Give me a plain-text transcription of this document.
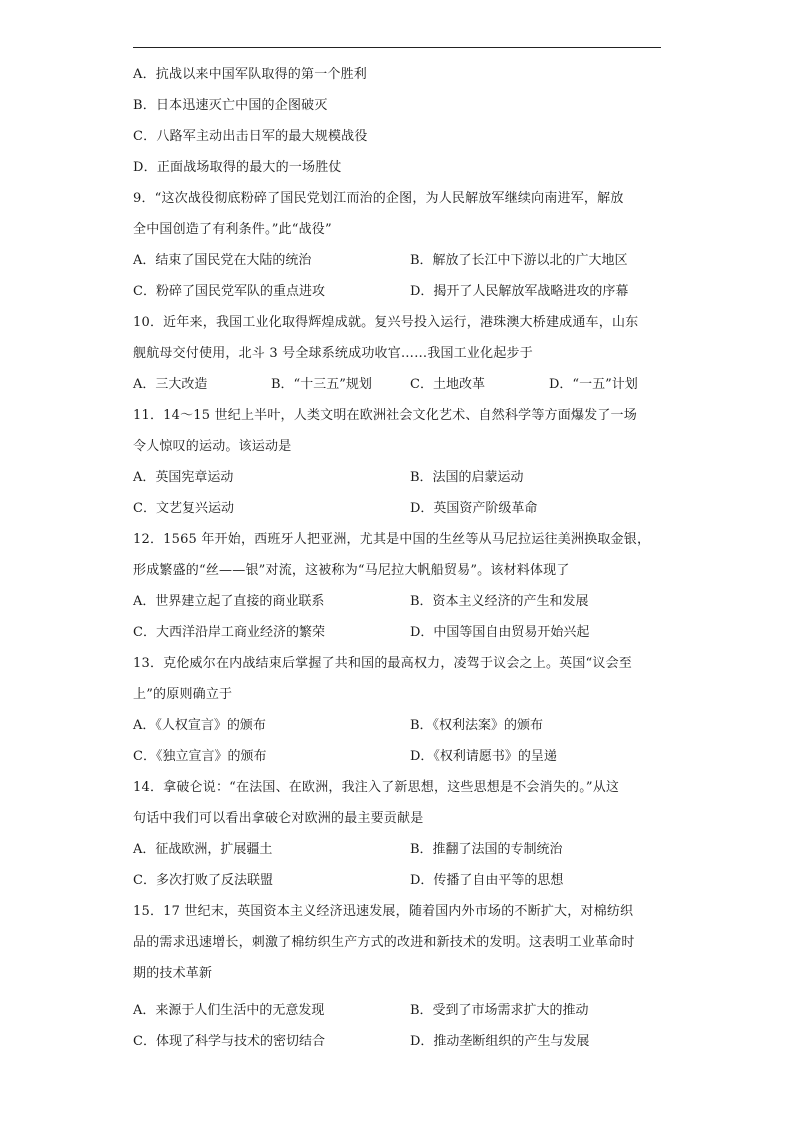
A．抗战以来中国军队取得的第一个胜利
B．日本迅速灭亡中国的企图破灭
C．八路军主动出击日军的最大规模战役
D．正面战场取得的最大的一场胜仗
9．“这次战役彻底粉碎了国民党划江而治的企图，为人民解放军继续向南进军，解放
全中国创造了有利条件。”此“战役”
A．结束了国民党在大陆的统治	B．解放了长江中下游以北的广大地区
C．粉碎了国民党军队的重点进攻	D．揭开了人民解放军战略进攻的序幕
10．近年来，我国工业化取得辉煌成就。复兴号投入运行，港珠澳大桥建成通车，山东
舰航母交付使用，北斗 3 号全球系统成功收官……我国工业化起步于
A．三大改造	B．“十三五”规划	C．土地改革	D．“一五”计划
11．14～15 世纪上半叶，人类文明在欧洲社会文化艺术、自然科学等方面爆发了一场
令人惊叹的运动。该运动是
A．英国宪章运动	B．法国的启蒙运动
C．文艺复兴运动	D．英国资产阶级革命
12．1565 年开始，西班牙人把亚洲，尤其是中国的生丝等从马尼拉运往美洲换取金银，
形成繁盛的“丝——银”对流，这被称为“马尼拉大帆船贸易”。该材料体现了
A．世界建立起了直接的商业联系	B．资本主义经济的产生和发展
C．大西洋沿岸工商业经济的繁荣	D．中国等国自由贸易开始兴起
13．克伦威尔在内战结束后掌握了共和国的最高权力，凌驾于议会之上。英国“议会至
上”的原则确立于
A．《人权宣言》的颁布	B．《权利法案》的颁布
C．《独立宣言》的颁布	D．《权利请愿书》的呈递
14．拿破仑说：“在法国、在欧洲，我注入了新思想，这些思想是不会消失的。”从这
句话中我们可以看出拿破仑对欧洲的最主要贡献是
A．征战欧洲，扩展疆土	B．推翻了法国的专制统治
C．多次打败了反法联盟	D．传播了自由平等的思想
15．17 世纪末，英国资本主义经济迅速发展，随着国内外市场的不断扩大，对棉纺织
品的需求迅速增长，刺激了棉纺织生产方式的改进和新技术的发明。这表明工业革命时
期的技术革新
A．来源于人们生活中的无意发现	B．受到了市场需求扩大的推动
C．体现了科学与技术的密切结合	D．推动垄断组织的产生与发展
